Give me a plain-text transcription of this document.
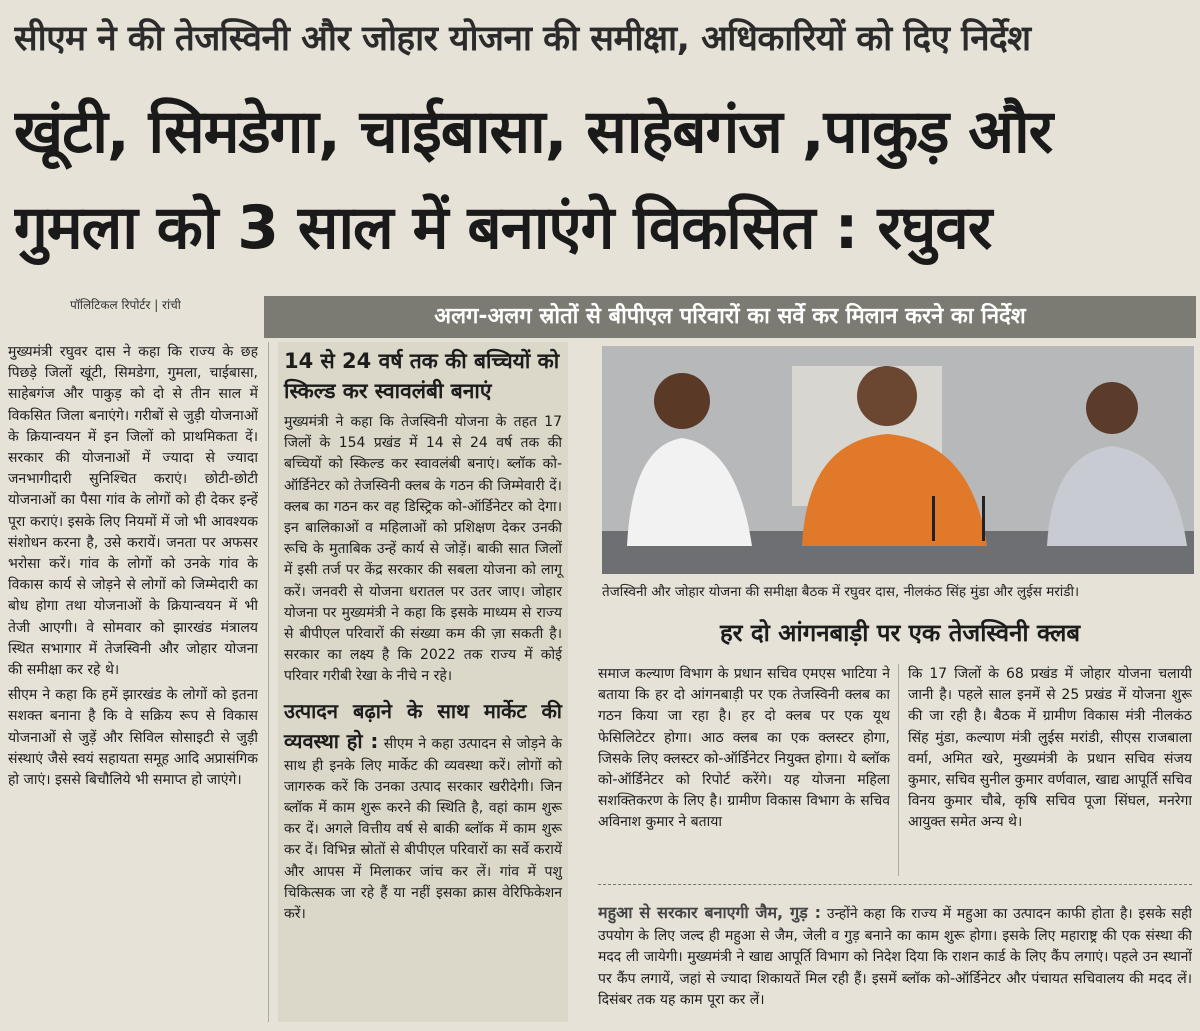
सीएम ने की तेजस्विनी और जोहार योजना की समीक्षा, अधिकारियों को दिए निर्देश
खूंटी, सिमडेगा, चाईबासा, साहेबगंज ,पाकुड़ और
गुमला को 3 साल में बनाएंगे विकसित : रघुवर
पॉलिटिकल रिपोर्टर | रांची	अलग-अलग स्रोतों से बीपीएल परिवारों का सर्वे कर मिलान करने का निर्देश

मुख्यमंत्री रघुवर दास ने कहा कि राज्य के छह पिछड़े जिलों खूंटी, सिमडेगा, गुमला, चाईबासा, साहेबगंज और पाकुड़ को दो से तीन साल में विकसित जिला बनाएंगे। गरीबों से जुड़ी योजनाओं के क्रियान्वयन में इन जिलों को प्राथमिकता दें। सरकार की योजनाओं में ज्यादा से ज्यादा जनभागीदारी सुनिश्चित कराएं। छोटी-छोटी योजनाओं का पैसा गांव के लोगों को ही देकर इन्हें पूरा कराएं। इसके लिए नियमों में जो भी आवश्यक संशोधन करना है, उसे करायें। जनता पर अफसर भरोसा करें। गांव के लोगों को उनके गांव के विकास कार्य से जोड़ने से लोगों को जिम्मेदारी का बोध होगा तथा योजनाओं के क्रियान्वयन में भी तेजी आएगी। वे सोमवार को झारखंड मंत्रालय स्थित सभागार में तेजस्विनी और जोहार योजना की समीक्षा कर रहे थे।

सीएम ने कहा कि हमें झारखंड के लोगों को इतना सशक्त बनाना है कि वे सक्रिय रूप से विकास योजनाओं से जुड़ें और सिविल सोसाइटी से जुड़ी संस्थाएं जैसे स्वयं सहायता समूह आदि अप्रासंगिक हो जाएं। इससे बिचौलिये भी समाप्त हो जाएंगे।

14 से 24 वर्ष तक की बच्चियों को स्किल्ड कर स्वावलंबी बनाएं

मुख्यमंत्री ने कहा कि तेजस्विनी योजना के तहत 17 जिलों के 154 प्रखंड में 14 से 24 वर्ष तक की बच्चियों को स्किल्ड कर स्वावलंबी बनाएं। ब्लॉक को-ऑर्डिनेटर को तेजस्विनी क्लब के गठन की जिम्मेवारी दें। क्लब का गठन कर वह डिस्ट्रिक को-ऑर्डिनेटर को देगा। इन बालिकाओं व महिलाओं को प्रशिक्षण देकर उनकी रूचि के मुताबिक उन्हें कार्य से जोड़ें। बाकी सात जिलों में इसी तर्ज पर केंद्र सरकार की सबला योजना को लागू करें। जनवरी से योजना धरातल पर उतर जाए। जोहार योजना पर मुख्यमंत्री ने कहा कि इसके माध्यम से राज्य से बीपीएल परिवारों की संख्या कम की ज़ा सकती है। सरकार का लक्ष्य है कि 2022 तक राज्य में कोई परिवार गरीबी रेखा के नीचे न रहे।

उत्पादन बढ़ाने के साथ मार्केट की व्यवस्था हो : सीएम ने कहा उत्पादन से जोड़ने के साथ ही इनके लिए मार्केट की व्यवस्था करें। लोगों को जागरुक करें कि उनका उत्पाद सरकार खरीदेगी। जिन ब्लॉक में काम शुरू करने की स्थिति है, वहां काम शुरू कर दें। अगले वित्तीय वर्ष से बाकी ब्लॉक में काम शुरू कर दें। विभिन्न स्रोतों से बीपीएल परिवारों का सर्वे करायें और आपस में मिलाकर जांच कर लें। गांव में पशु चिकित्सक जा रहे हैं या नहीं इसका क्रास वेरिफिकेशन करें।

तेजस्विनी और जोहार योजना की समीक्षा बैठक में रघुवर दास, नीलकंठ सिंह मुंडा और लुईस मरांडी।
हर दो आंगनबाड़ी पर एक तेजस्विनी क्लब

समाज कल्याण विभाग के प्रधान सचिव एमएस भाटिया ने बताया कि हर दो आंगनबाड़ी पर एक तेजस्विनी क्लब का गठन किया जा रहा है। हर दो क्लब पर एक यूथ फेसिलिटेटर होगा। आठ क्लब का एक क्लस्टर होगा, जिसके लिए क्लस्टर को-ऑर्डिनेटर नियुक्त होगा। ये ब्लॉक को-ऑर्डिनेटर को रिपोर्ट करेंगे। यह योजना महिला सशक्तिकरण के लिए है। ग्रामीण विकास विभाग के सचिव अविनाश कुमार ने बताया

कि 17 जिलों के 68 प्रखंड में जोहार योजना चलायी जानी है। पहले साल इनमें से 25 प्रखंड में योजना शुरू की जा रही है। बैठक में ग्रामीण विकास मंत्री नीलकंठ सिंह मुंडा, कल्याण मंत्री लुईस मरांडी, सीएस राजबाला वर्मा, अमित खरे, मुख्यमंत्री के प्रधान सचिव संजय कुमार, सचिव सुनील कुमार वर्णवाल, खाद्य आपूर्ति सचिव विनय कुमार चौबे, कृषि सचिव पूजा सिंघल, मनरेगा आयुक्त समेत अन्य थे।

महुआ से सरकार बनाएगी जैम, गुड़ : उन्होंने कहा कि राज्य में महुआ का उत्पादन काफी होता है। इसके सही उपयोग के लिए जल्द ही महुआ से जैम, जेली व गुड़ बनाने का काम शुरू होगा। इसके लिए महाराष्ट्र की एक संस्था की मदद ली जायेगी। मुख्यमंत्री ने खाद्य आपूर्ति विभाग को निदेश दिया कि राशन कार्ड के लिए कैंप लगाएं। पहले उन स्थानों पर कैंप लगायें, जहां से ज्यादा शिकायतें मिल रही हैं। इसमें ब्लॉक को-ऑर्डिनेटर और पंचायत सचिवालय की मदद लें। दिसंबर तक यह काम पूरा कर लें।
